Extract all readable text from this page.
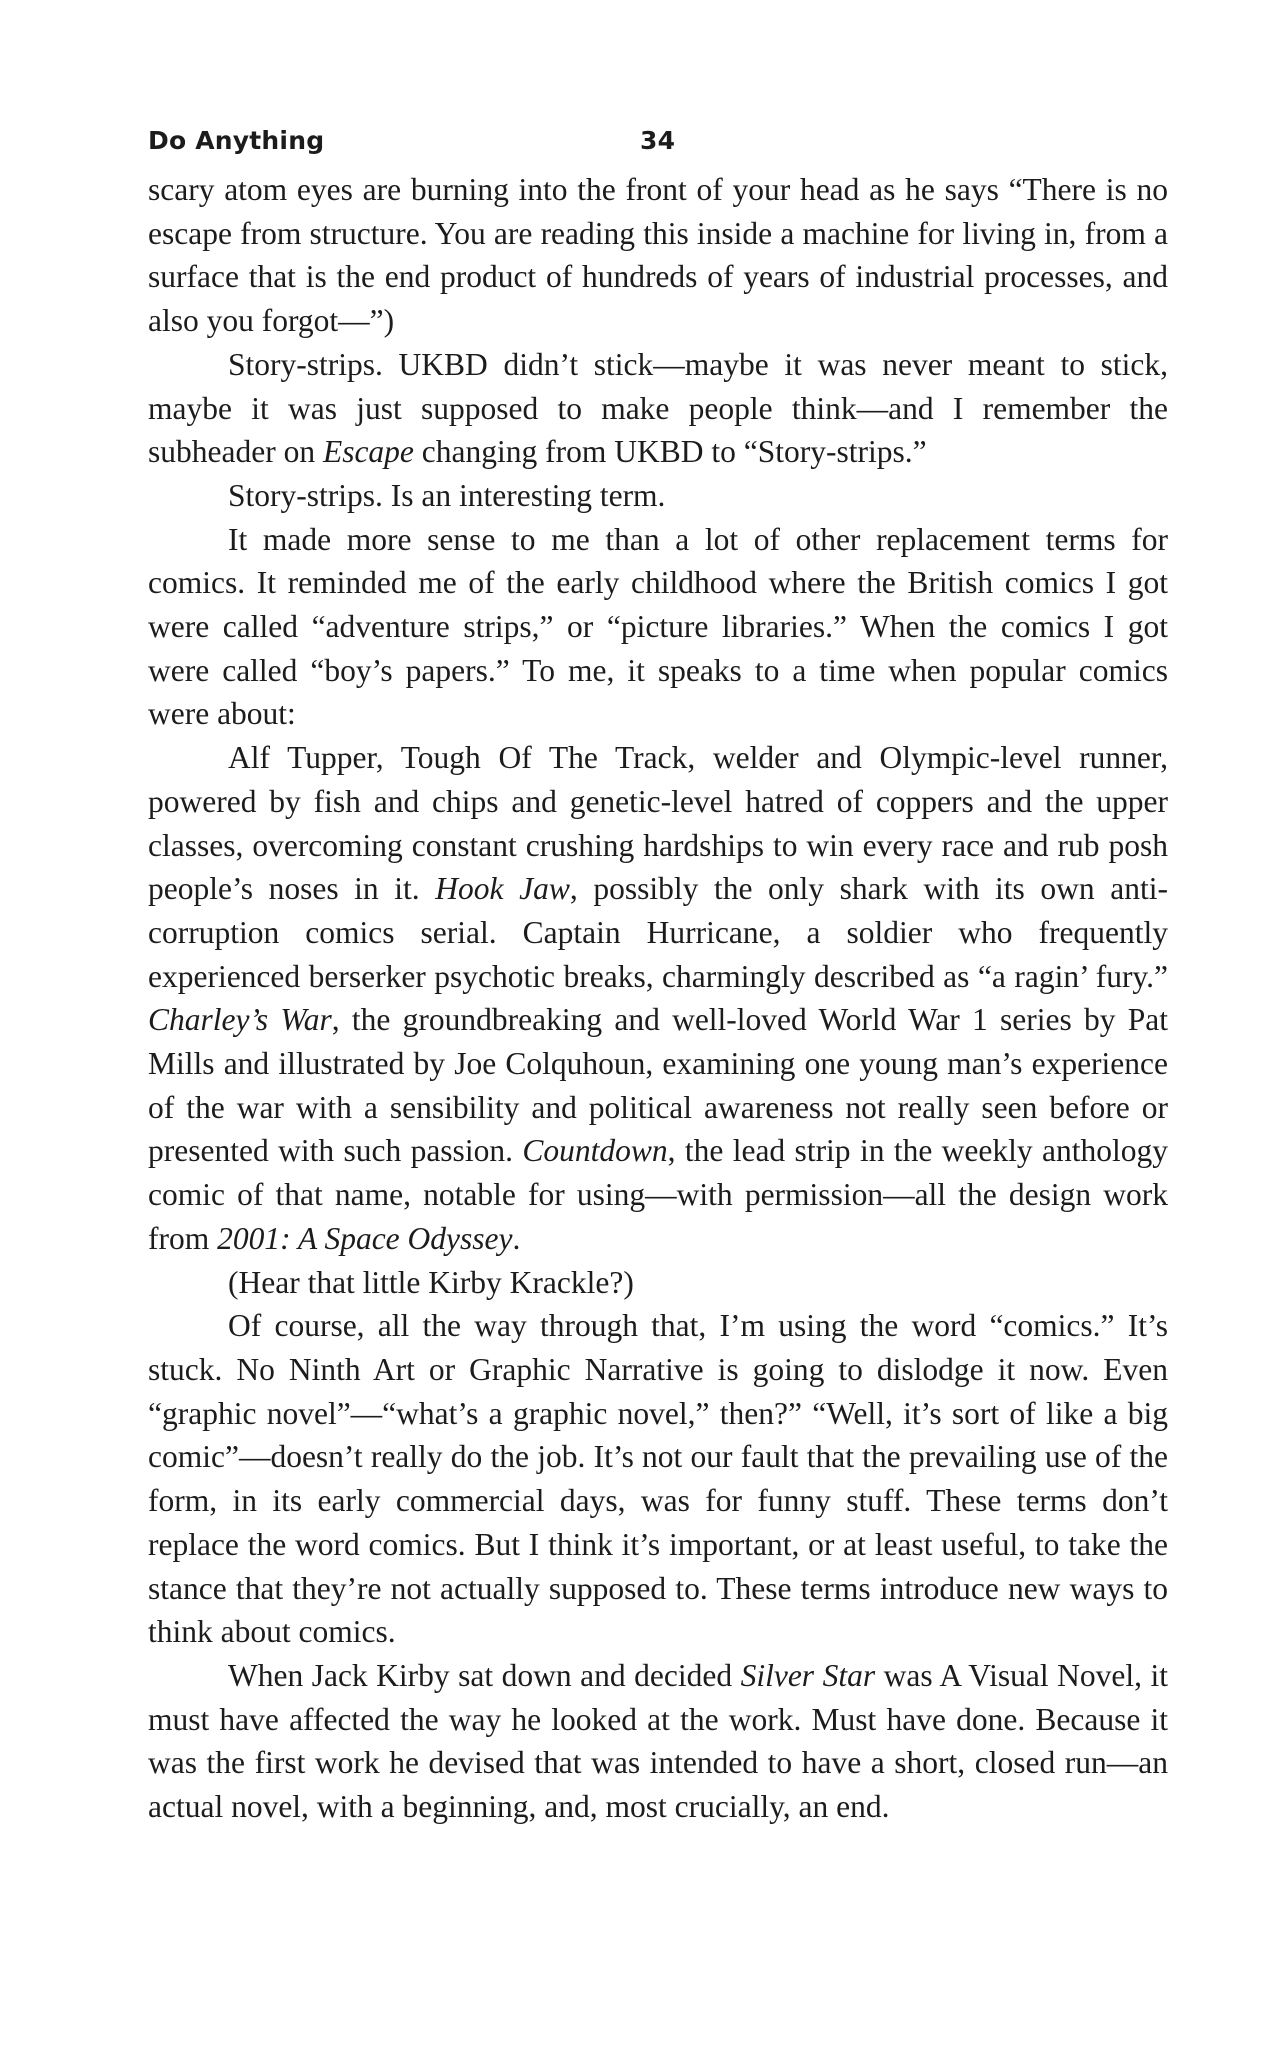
Do Anything	34

scary atom eyes are burning into the front of your head as he says “There is no escape from structure. You are reading this inside a machine for living in, from a surface that is the end product of hundreds of years of industrial processes, and also you forgot—”)

Story-strips. UKBD didn’t stick—maybe it was never meant to stick, maybe it was just supposed to make people think—and I remember the subheader on Escape changing from UKBD to “Story-strips.”

Story-strips. Is an interesting term.

It made more sense to me than a lot of other replacement terms for comics. It reminded me of the early childhood where the British comics I got were called “adventure strips,” or “picture libraries.” When the comics I got were called “boy’s papers.” To me, it speaks to a time when popular comics were about:

Alf Tupper, Tough Of The Track, welder and Olympic-level runner, powered by fish and chips and genetic-level hatred of coppers and the upper classes, overcoming constant crushing hardships to win every race and rub posh people’s noses in it. Hook Jaw, possibly the only shark with its own anti-corruption comics serial. Captain Hurricane, a soldier who frequently experienced berserker psychotic breaks, charmingly described as “a ragin’ fury.” Charley’s War, the groundbreaking and well-loved World War 1 series by Pat Mills and illustrated by Joe Colquhoun, examining one young man’s experience of the war with a sensibility and political awareness not really seen before or presented with such passion. Countdown, the lead strip in the weekly anthology comic of that name, notable for using—with permission—all the design work from 2001: A Space Odyssey.

(Hear that little Kirby Krackle?)

Of course, all the way through that, I’m using the word “comics.” It’s stuck. No Ninth Art or Graphic Narrative is going to dislodge it now. Even “graphic novel”—“what’s a graphic novel,” then?” “Well, it’s sort of like a big comic”—doesn’t really do the job. It’s not our fault that the prevailing use of the form, in its early commercial days, was for funny stuff. These terms don’t replace the word comics. But I think it’s important, or at least useful, to take the stance that they’re not actually supposed to. These terms introduce new ways to think about comics.

When Jack Kirby sat down and decided Silver Star was A Visual Novel, it must have affected the way he looked at the work. Must have done. Because it was the first work he devised that was intended to have a short, closed run—an actual novel, with a beginning, and, most crucially, an end.
